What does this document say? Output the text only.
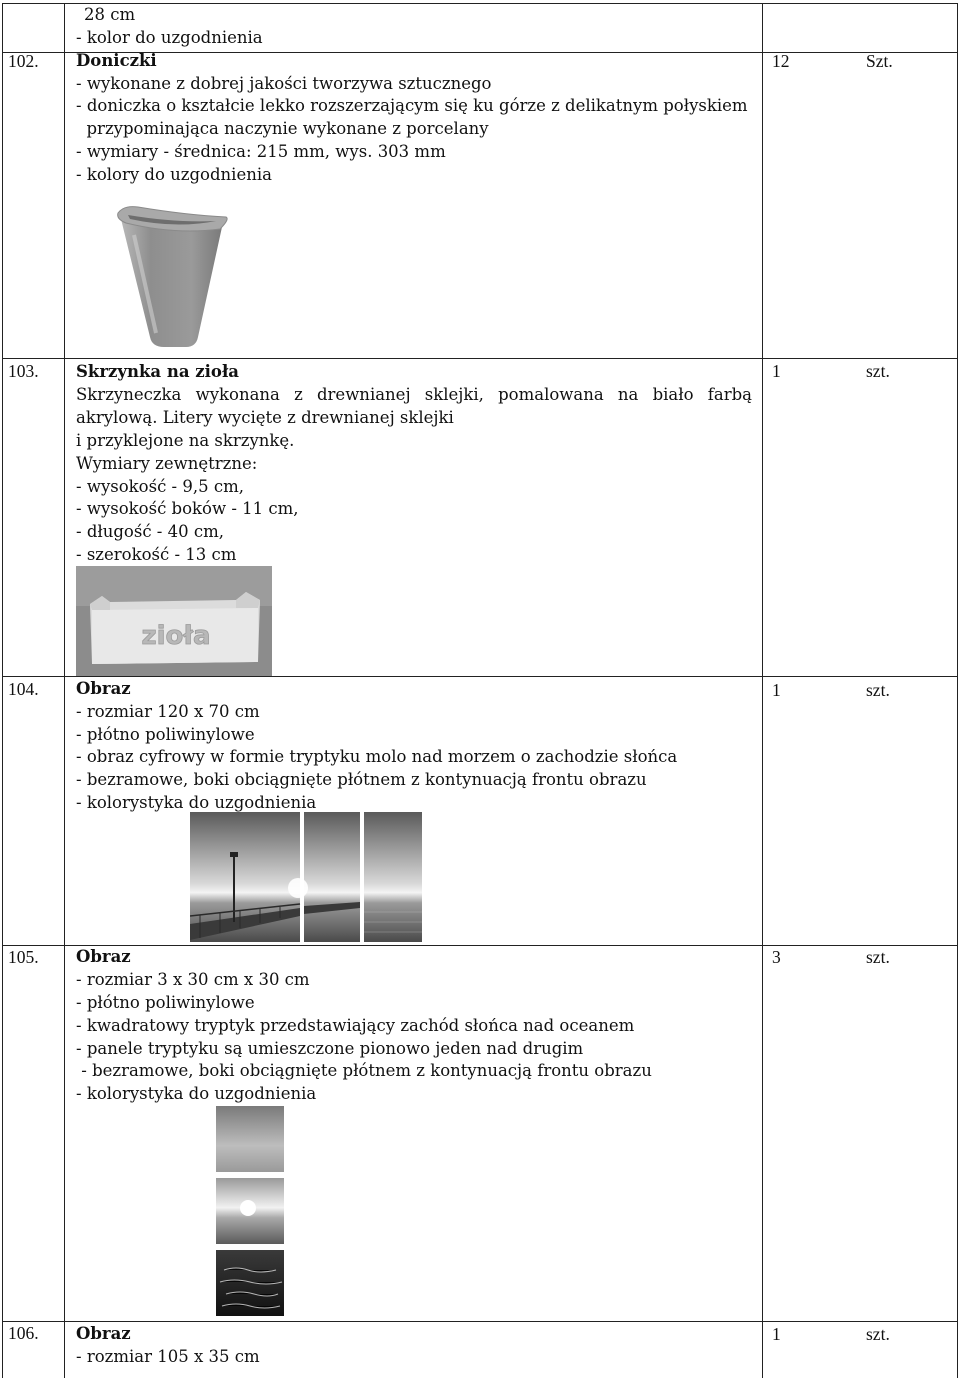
28 cm
- kolor do uzgodnienia
102. Doniczki
- wykonane z dobrej jakości tworzywa sztucznego
- doniczka o kształcie lekko rozszerzającym się ku górze z delikatnym połyskiem
przypominająca naczynie wykonane z porcelany
- wymiary - średnica: 215 mm, wys. 303 mm
- kolory do uzgodnienia
12	Szt.
103. Skrzynka na zioła
Skrzyneczka wykonana z drewnianej sklejki, pomalowana na biało farbą
akrylową. Litery wycięte z drewnianej sklejki
i przyklejone na skrzynkę.
Wymiary zewnętrzne:
- wysokość - 9,5 cm,
- wysokość boków - 11 cm,
- długość - 40 cm,
- szerokość - 13 cm
1	szt.
zioła
104. Obraz
- rozmiar 120 x 70 cm
- płótno poliwinylowe
- obraz cyfrowy w formie tryptyku molo nad morzem o zachodzie słońca
- bezramowe, boki obciągnięte płótnem z kontynuacją frontu obrazu
- kolorystyka do uzgodnienia
1	szt.
105. Obraz
- rozmiar 3 x 30 cm x 30 cm
- płótno poliwinylowe
- kwadratowy tryptyk przedstawiający zachód słońca nad oceanem
- panele tryptyku są umieszczone pionowo jeden nad drugim
- bezramowe, boki obciągnięte płótnem z kontynuacją frontu obrazu
- kolorystyka do uzgodnienia
3	szt.
106. Obraz
- rozmiar 105 x 35 cm
1	szt.
